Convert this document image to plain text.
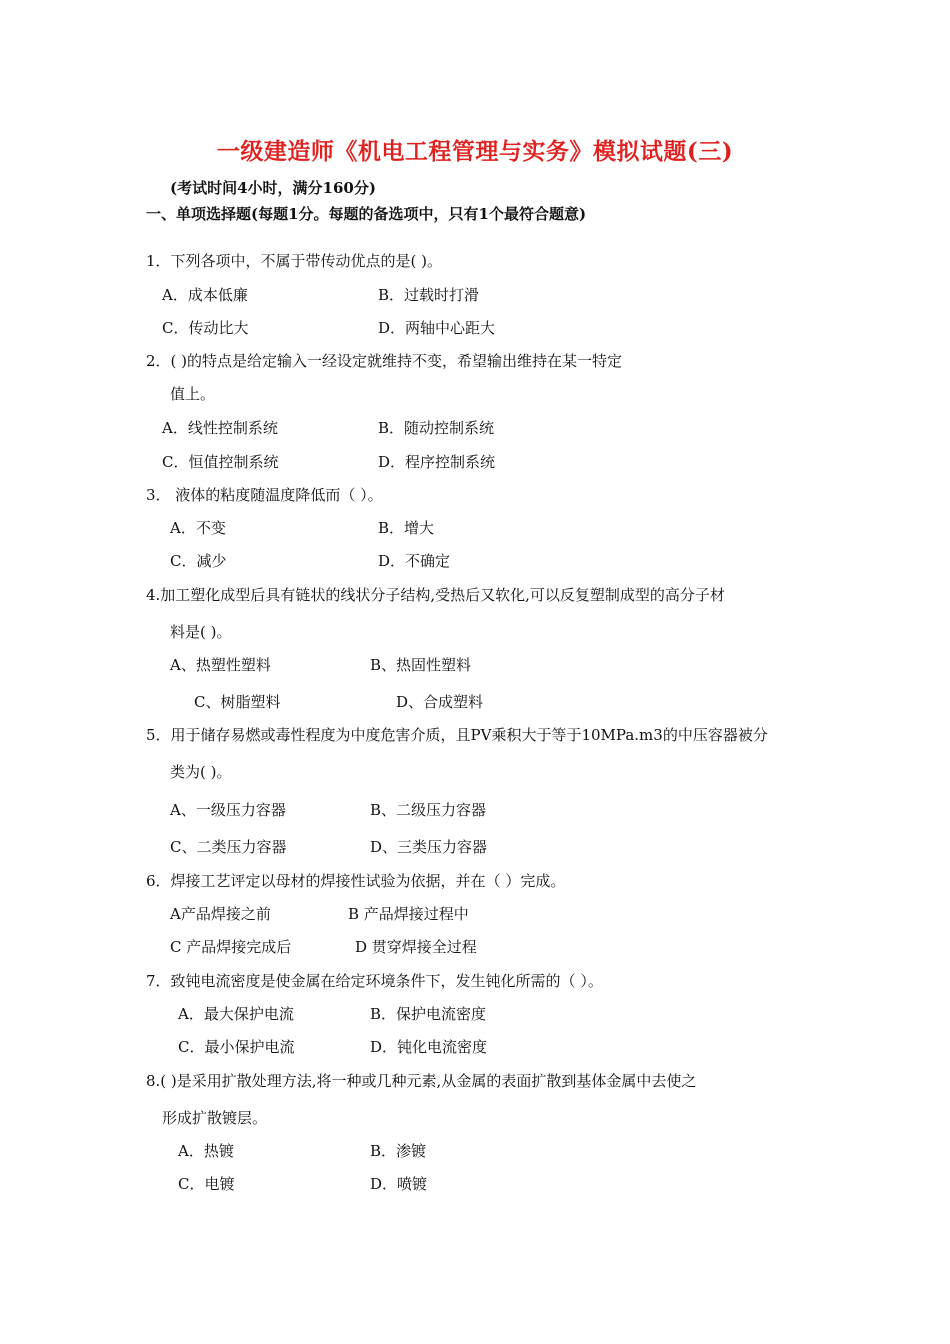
一级建造师《机电工程管理与实务》模拟试题(三)
(考试时间4小时，满分160分)
一、单项选择题(每题1分。每题的备选项中，只有1个最符合题意)
1．下列各项中，不属于带传动优点的是( )。
A．成本低廉	B．过载时打滑
C．传动比大	D．两轴中心距大
2．( )的特点是给定输入一经设定就维持不变，希望输出维持在某一特定
值上。
A．线性控制系统	B．随动控制系统
C．恒值控制系统	D．程序控制系统
3． 液体的粘度随温度降低而（ ）。
A．不变	B．增大
C．减少	D．不确定
4.加工塑化成型后具有链状的线状分子结构,受热后又软化,可以反复塑制成型的高分子材
料是( )。
A、热塑性塑料	B、热固性塑料
C、树脂塑料	D、合成塑料
5．用于储存易燃或毒性程度为中度危害介质，且PV乘积大于等于10MPa.m3的中压容器被分
类为( )。
A、一级压力容器	B、二级压力容器
C、二类压力容器	D、三类压力容器
6．焊接工艺评定以母材的焊接性试验为依据，并在（ ）完成。
A产品焊接之前	B 产品焊接过程中
C 产品焊接完成后	D 贯穿焊接全过程
7．致钝电流密度是使金属在给定环境条件下，发生钝化所需的（ ）。
A．最大保护电流	B．保护电流密度
C．最小保护电流	D．钝化电流密度
8.( )是采用扩散处理方法,将一种或几种元素,从金属的表面扩散到基体金属中去使之
形成扩散镀层。
A．热镀	B．渗镀
C．电镀	D．喷镀
